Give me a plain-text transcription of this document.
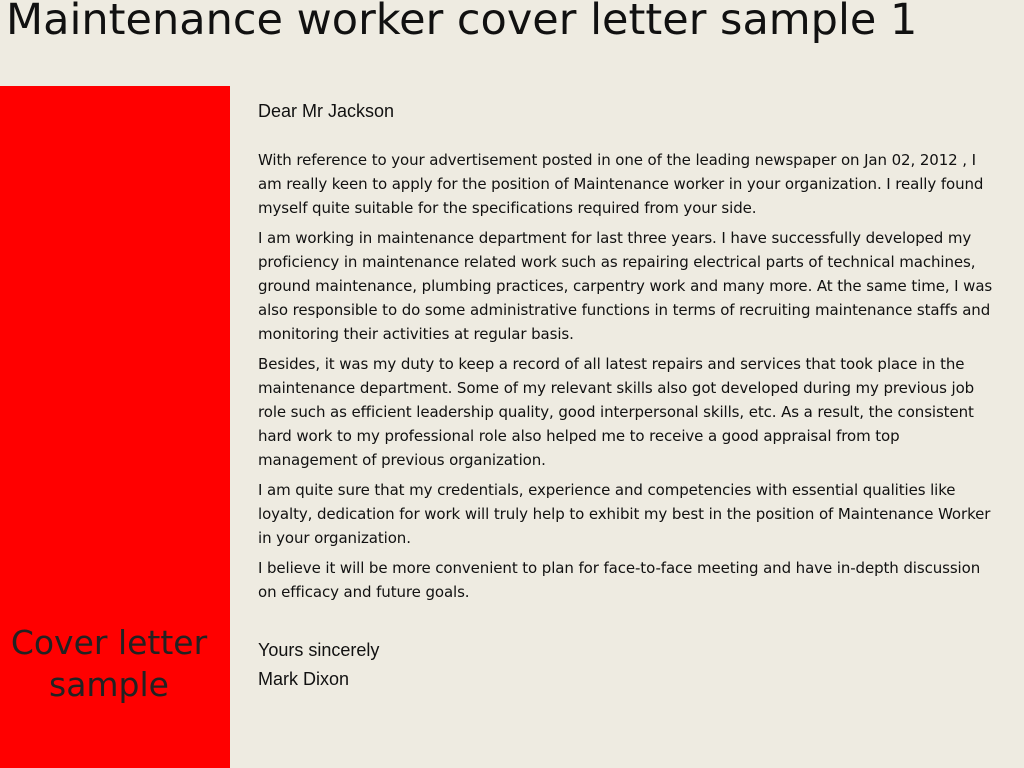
Maintenance worker cover letter sample 1
Cover letter sample

Dear Mr Jackson

With reference to your advertisement posted in one of the leading newspaper on Jan 02, 2012 , I am really keen to apply for the position of Maintenance worker in your organization. I really found myself quite suitable for the specifications required from your side.

I am working in maintenance department for last three years. I have successfully developed my proficiency in maintenance related work such as repairing electrical parts of technical machines, ground maintenance, plumbing practices, carpentry work and many more. At the same time, I was also responsible to do some administrative functions in terms of recruiting maintenance staffs and monitoring their activities at regular basis.

Besides, it was my duty to keep a record of all latest repairs and services that took place in the maintenance department. Some of my relevant skills also got developed during my previous job role such as efficient leadership quality, good interpersonal skills, etc. As a result, the consistent hard work to my professional role also helped me to receive a good appraisal from top management of previous organization.

I am quite sure that my credentials, experience and competencies with essential qualities like loyalty, dedication for work will truly help to exhibit my best in the position of Maintenance Worker in your organization.

I believe it will be more convenient to plan for face-to-face meeting and have in-depth discussion on efficacy and future goals.

Yours sincerely
Mark Dixon
